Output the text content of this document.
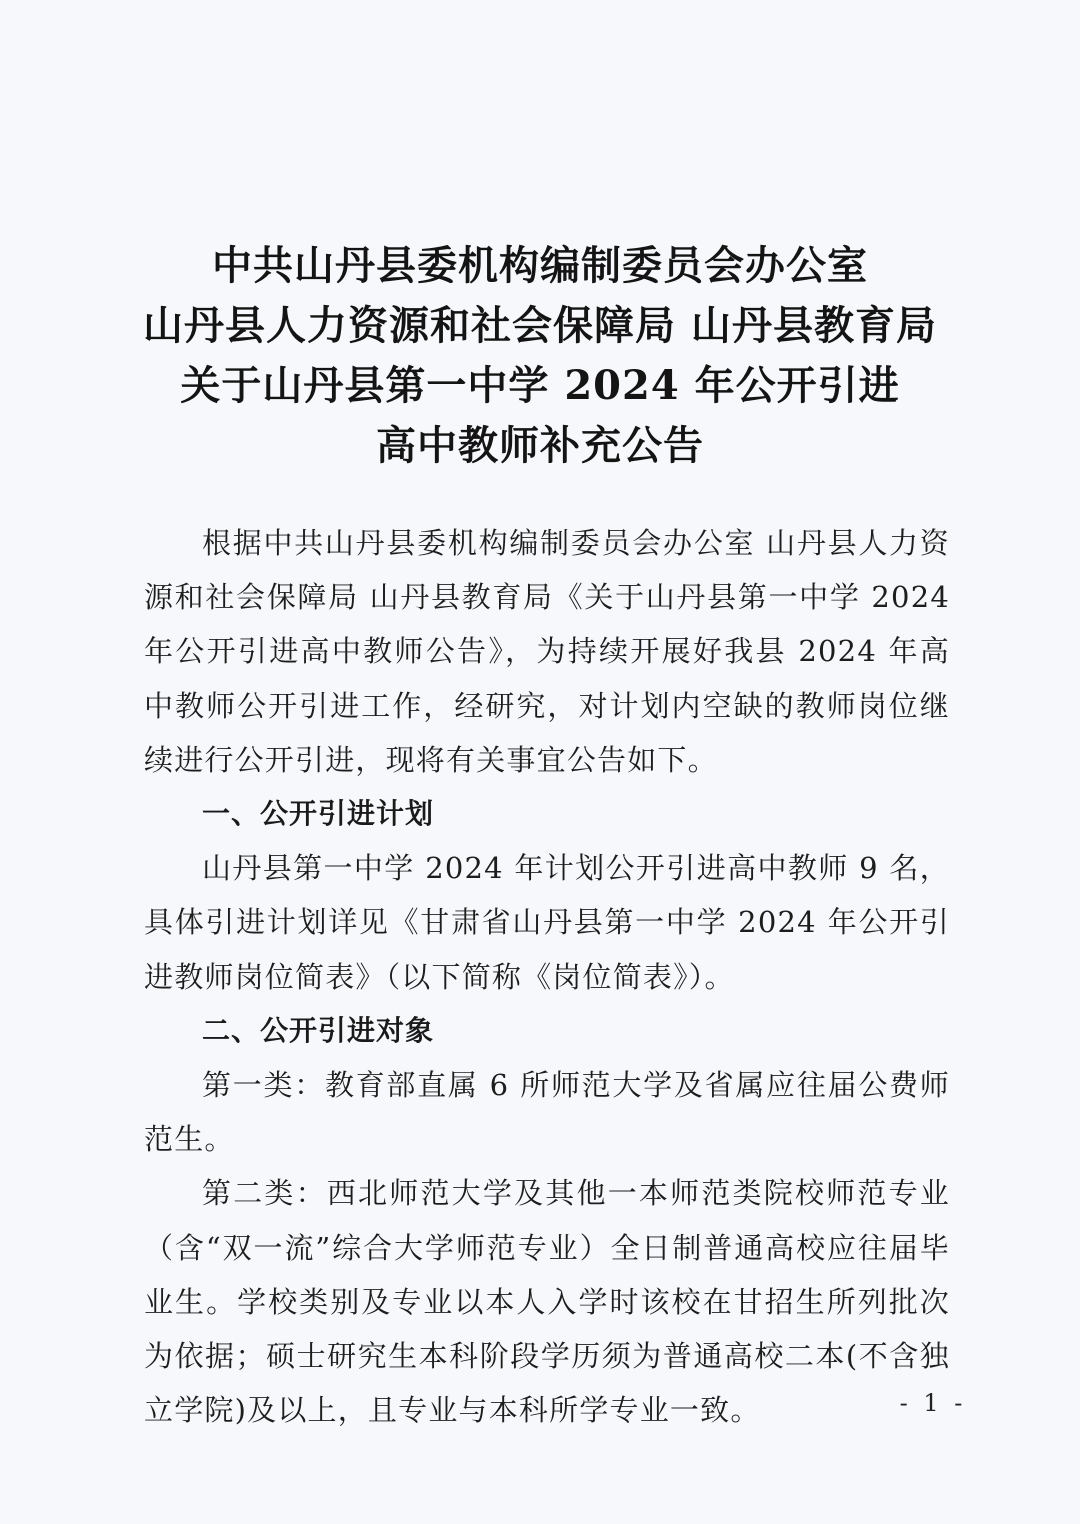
中共山丹县委机构编制委员会办公室
山丹县人力资源和社会保障局 山丹县教育局
关于山丹县第一中学 2024 年公开引进
高中教师补充公告

根据中共山丹县委机构编制委员会办公室 山丹县人力资源和社会保障局 山丹县教育局《关于山丹县第一中学 2024 年公开引进高中教师公告》，为持续开展好我县 2024 年高中教师公开引进工作，经研究，对计划内空缺的教师岗位继续进行公开引进，现将有关事宜公告如下。

一、公开引进计划

山丹县第一中学 2024 年计划公开引进高中教师 9 名，具体引进计划详见《甘肃省山丹县第一中学 2024 年公开引进教师岗位简表》（以下简称《岗位简表》）。

二、公开引进对象

第一类：教育部直属 6 所师范大学及省属应往届公费师范生。

第二类：西北师范大学及其他一本师范类院校师范专业（含“双一流”综合大学师范专业）全日制普通高校应往届毕业生。学校类别及专业以本人入学时该校在甘招生所列批次为依据；硕士研究生本科阶段学历须为普通高校二本(不含独立学院)及以上，且专业与本科所学专业一致。	- 1 -
